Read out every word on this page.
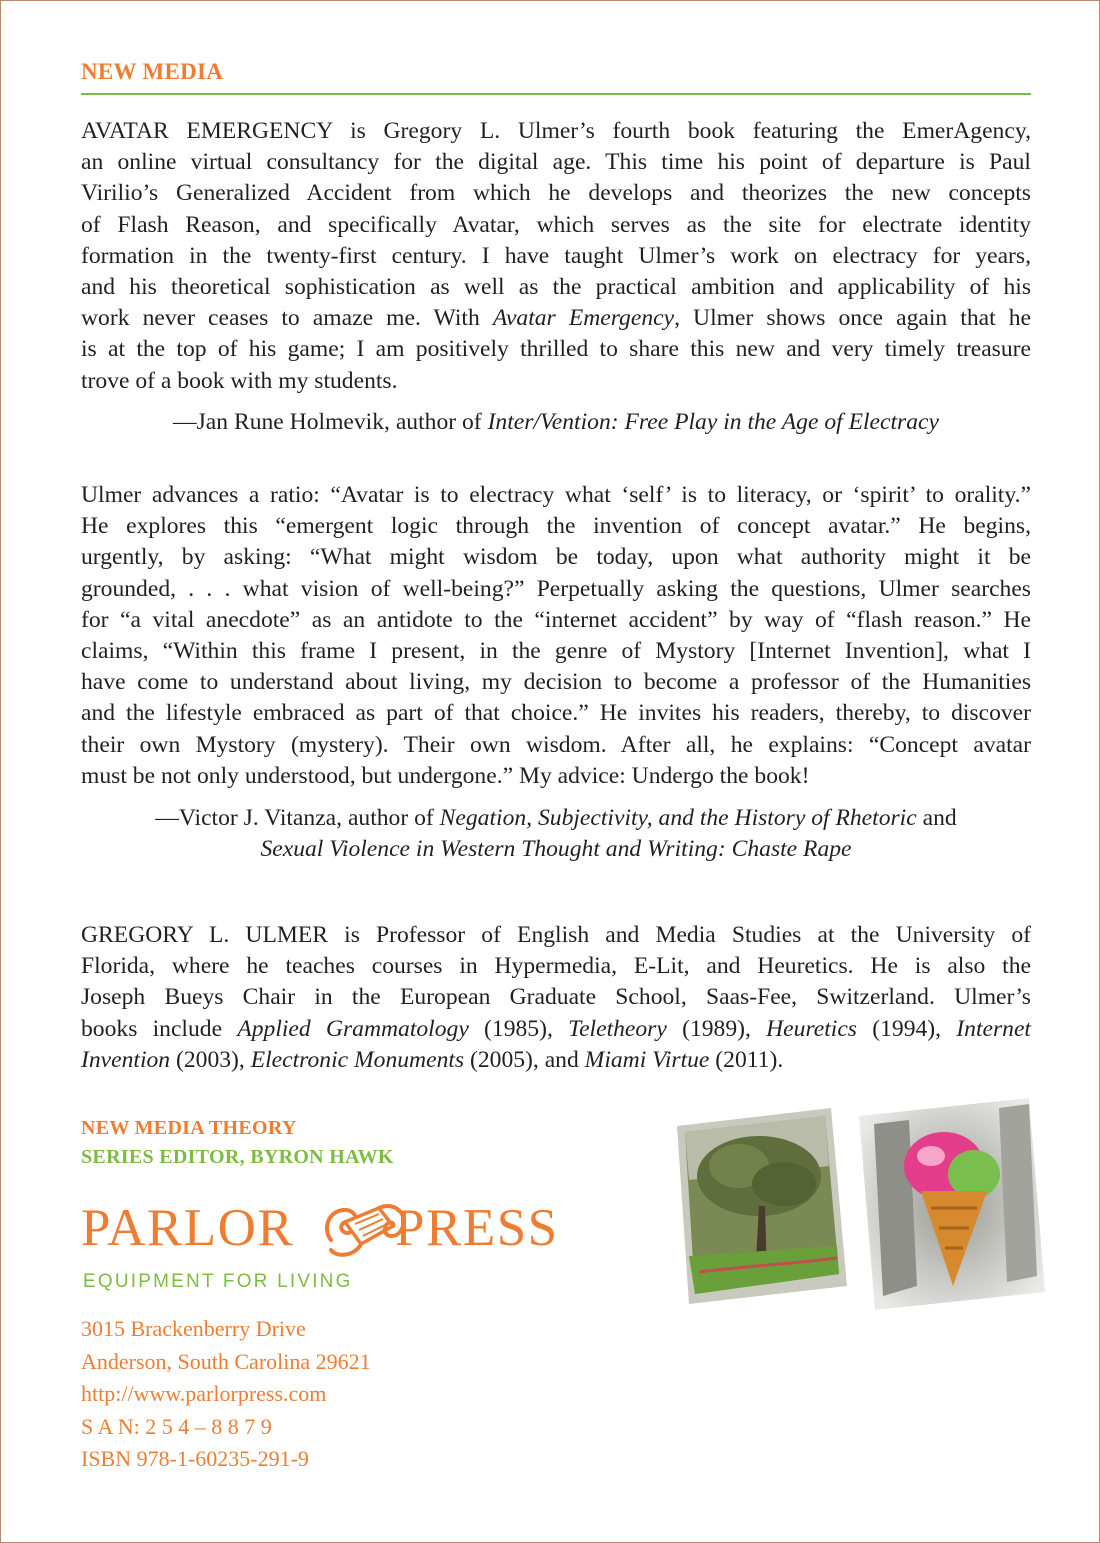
NEW MEDIA
AVATAR EMERGENCY is Gregory L. Ulmer’s fourth book featuring the EmerAgency,
an online virtual consultancy for the digital age. This time his point of departure is Paul
Virilio’s Generalized Accident from which he develops and theorizes the new concepts
of Flash Reason, and specifically Avatar, which serves as the site for electrate identity
formation in the twenty-first century. I have taught Ulmer’s work on electracy for years,
and his theoretical sophistication as well as the practical ambition and applicability of his
work never ceases to amaze me. With Avatar Emergency, Ulmer shows once again that he
is at the top of his game; I am positively thrilled to share this new and very timely treasure
trove of a book with my students.

—Jan Rune Holmevik, author of Inter/Vention: Free Play in the Age of Electracy

Ulmer advances a ratio: “Avatar is to electracy what ‘self’ is to literacy, or ‘spirit’ to orality.”
He explores this “emergent logic through the invention of concept avatar.” He begins,
urgently, by asking: “What might wisdom be today, upon what authority might it be
grounded, . . . what vision of well-being?” Perpetually asking the questions, Ulmer searches
for “a vital anecdote” as an antidote to the “internet accident” by way of “flash reason.” He
claims, “Within this frame I present, in the genre of Mystory [Internet Invention], what I
have come to understand about living, my decision to become a professor of the Humanities
and the lifestyle embraced as part of that choice.” He invites his readers, thereby, to discover
their own Mystory (mystery). Their own wisdom. After all, he explains: “Concept avatar
must be not only understood, but undergone.” My advice: Undergo the book!

—Victor J. Vitanza, author of Negation, Subjectivity, and the History of Rhetoric and
Sexual Violence in Western Thought and Writing: Chaste Rape

GREGORY L. ULMER is Professor of English and Media Studies at the University of
Florida, where he teaches courses in Hypermedia, E-Lit, and Heuretics. He is also the
Joseph Bueys Chair in the European Graduate School, Saas-Fee, Switzerland. Ulmer’s
books include Applied Grammatology (1985), Teletheory (1989), Heuretics (1994), Internet
Invention (2003), Electronic Monuments (2005), and Miami Virtue (2011).

NEW MEDIA THEORY

SERIES EDITOR, BYRON HAWK

PARLOR PRESS
EQUIPMENT FOR LIVING

3015 Brackenberry Drive
Anderson, South Carolina 29621
http://www.parlorpress.com
S A N: 2 5 4 – 8 8 7 9
ISBN 978-1-60235-291-9
